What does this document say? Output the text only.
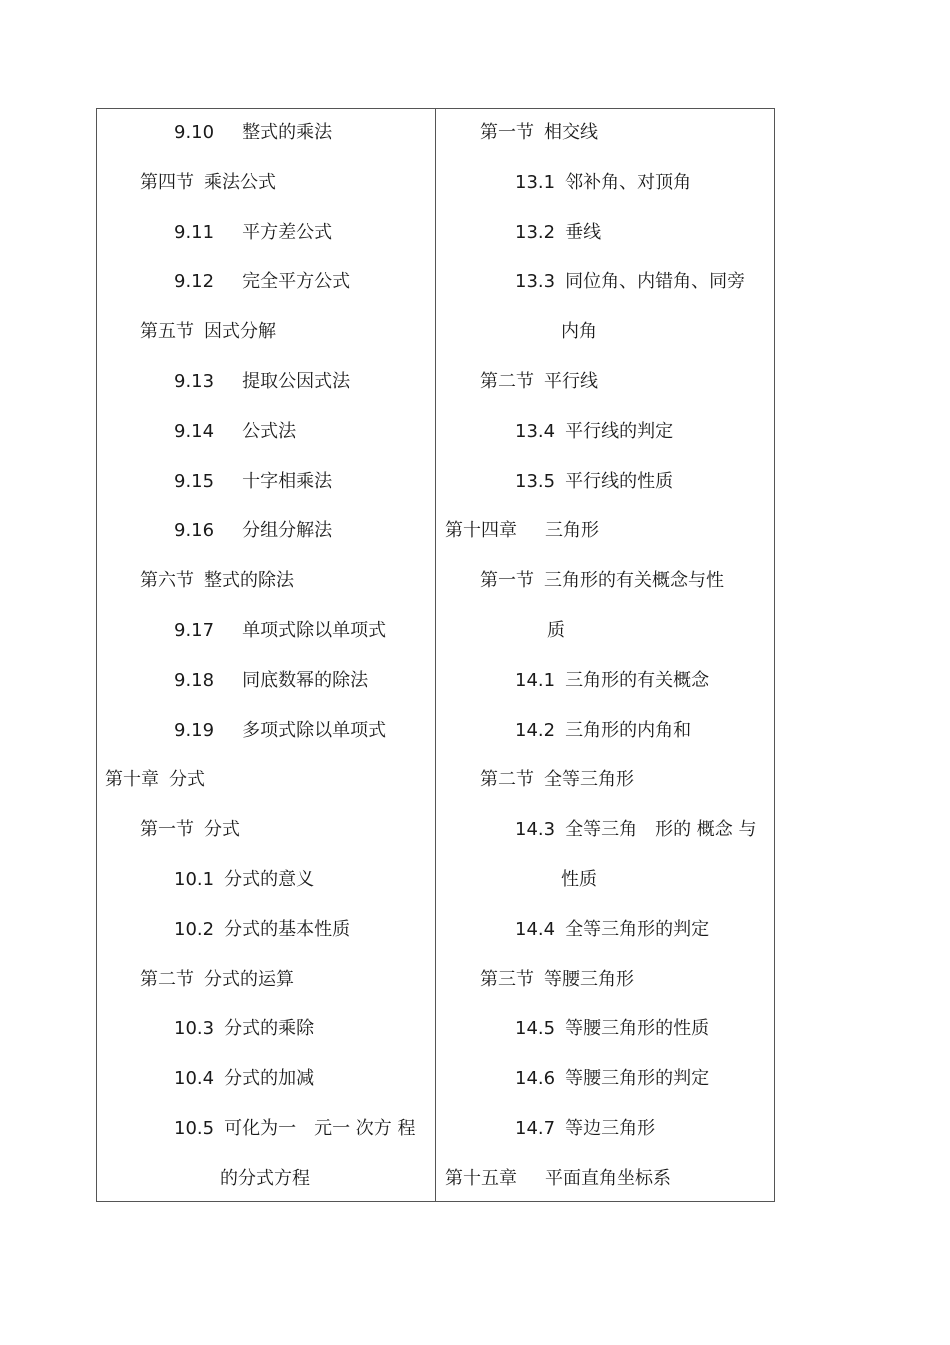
9.10 整式的乘法
第四节 乘法公式
9.11 平方差公式
9.12 完全平方公式
第五节 因式分解
9.13 提取公因式法
9.14 公式法
9.15 十字相乘法
9.16 分组分解法
第六节 整式的除法
9.17 单项式除以单项式
9.18 同底数幂的除法
9.19 多项式除以单项式
第十章 分式
第一节 分式
10.1 分式的意义
10.2 分式的基本性质
第二节 分式的运算
10.3 分式的乘除
10.4 分式的加减
10.5 可化为一　元一 次方 程
的分式方程
第一节 相交线
13.1 邻补角、对顶角
13.2 垂线
13.3 同位角、内错角、同旁
内角
第二节 平行线
13.4 平行线的判定
13.5 平行线的性质
第十四章 三角形
第一节 三角形的有关概念与性
质
14.1 三角形的有关概念
14.2 三角形的内角和
第二节 全等三角形
14.3 全等三角　形的 概念 与
性质
14.4 全等三角形的判定
第三节 等腰三角形
14.5 等腰三角形的性质
14.6 等腰三角形的判定
14.7 等边三角形
第十五章 平面直角坐标系
